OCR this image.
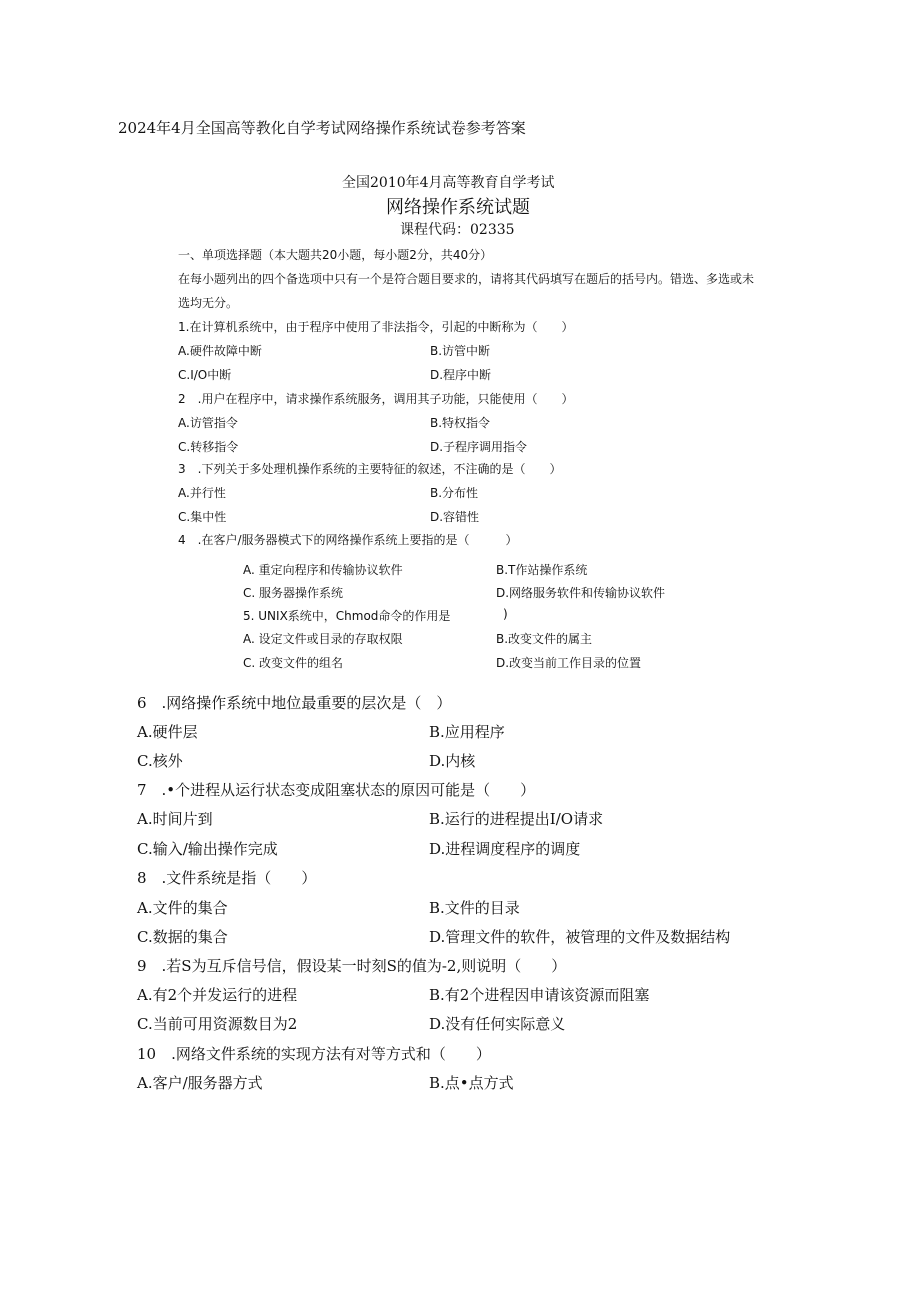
2024年4月全国高等教化自学考试网络操作系统试卷参考答案
全国2010年4月高等教育自学考试
网络操作系统试题
课程代码：02335
一、单项选择题（本大题共20小题，每小题2分，共40分）
在每小题列出的四个备选项中只有一个是符合题目要求的，请将其代码填写在题后的括号内。错选、多选或未
选均无分。
1.在计算机系统中，由于程序中使用了非法指令，引起的中断称为（　　）
A.硬件故障中断	B.访管中断
C.I/O中断	D.程序中断
2　.用户在程序中，请求操作系统服务，调用其子功能，只能使用（　　）
A.访管指令	B.特权指令
C.转移指令	D.子程序调用指令
3　.下列关于多处理机操作系统的主要特征的叙述，不注确的是（　　）
A.并行性	B.分布性
C.集中性	D.容错性
4　.在客户/服务器模式下的网络操作系统上要指的是（　　　）
A. 重定向程序和传输协议软件	B.T作站操作系统
C. 服务器操作系统	D.网络服务软件和传输协议软件
5. UNIX系统中，Chmod命令的作用是	)
A. 设定文件或目录的存取权限	B.改变文件的属主
C. 改变文件的组名	D.改变当前工作目录的位置
6　.网络操作系统中地位最重要的层次是（　）
A.硬件层	B.应用程序
C.核外	D.内核
7　.•个进程从运行状态变成阻塞状态的原因可能是（　　）
A.时间片到	B.运行的进程提出I/O请求
C.输入/输出操作完成	D.进程调度程序的调度
8　.文件系统是指（　　）
A.文件的集合	B.文件的目录
C.数据的集合	D.管理文件的软件，被管理的文件及数据结构
9　.若S为互斥信号信，假设某一时刻S的值为-2,则说明（　　）
A.有2个并发运行的进程	B.有2个进程因申请该资源而阻塞
C.当前可用资源数目为2	D.没有任何实际意义
10　.网络文件系统的实现方法有对等方式和（　　）
A.客户/服务器方式	B.点•点方式
